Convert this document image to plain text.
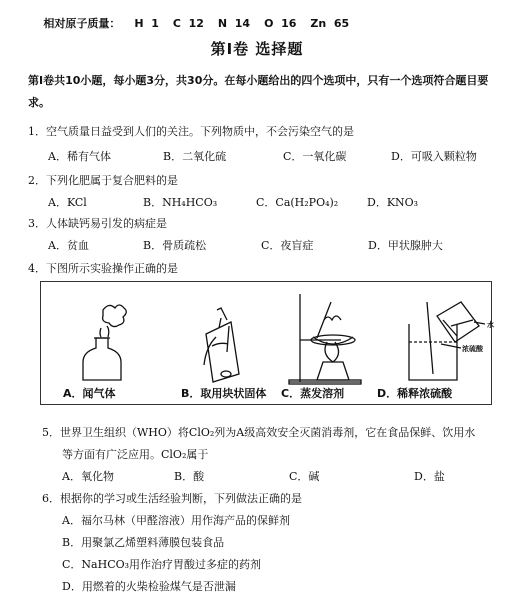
相对原子质量： H  1 C  12 N  14 O  16 Zn  65

第Ⅰ卷 选择题
第Ⅰ卷共10小题，每小题3分，共30分。在每小题给出的四个选项中，只有一个选项符合题目要求。
1．空气质量日益受到人们的关注。下列物质中，不会污染空气的是
A．稀有气体	B．二氧化硫	C．一氧化碳	D．可吸入颗粒物
2．下列化肥属于复合肥料的是
A．KCl	B．NH₄HCO₃	C．Ca(H₂PO₄)₂	D．KNO₃
3．人体缺钙易引发的病症是
A．贫血	B．骨质疏松	C．夜盲症	D．甲状腺肿大
4．下图所示实验操作正确的是
水
浓硫酸
A．闻气体	B．取用块状固体 C．蒸发溶剂	D．稀释浓硫酸
5．世界卫生组织（WHO）将ClO₂列为A级高效安全灭菌消毒剂，它在食品保鲜、饮用水
等方面有广泛应用。ClO₂属于
A．氧化物	B．酸	C．碱	D．盐
6．根据你的学习或生活经验判断，下列做法正确的是
A．福尔马林（甲醛溶液）用作海产品的保鲜剂
B．用聚氯乙烯塑料薄膜包装食品
C．NaHCO₃用作治疗胃酸过多症的药剂
D．用燃着的火柴检验煤气是否泄漏
